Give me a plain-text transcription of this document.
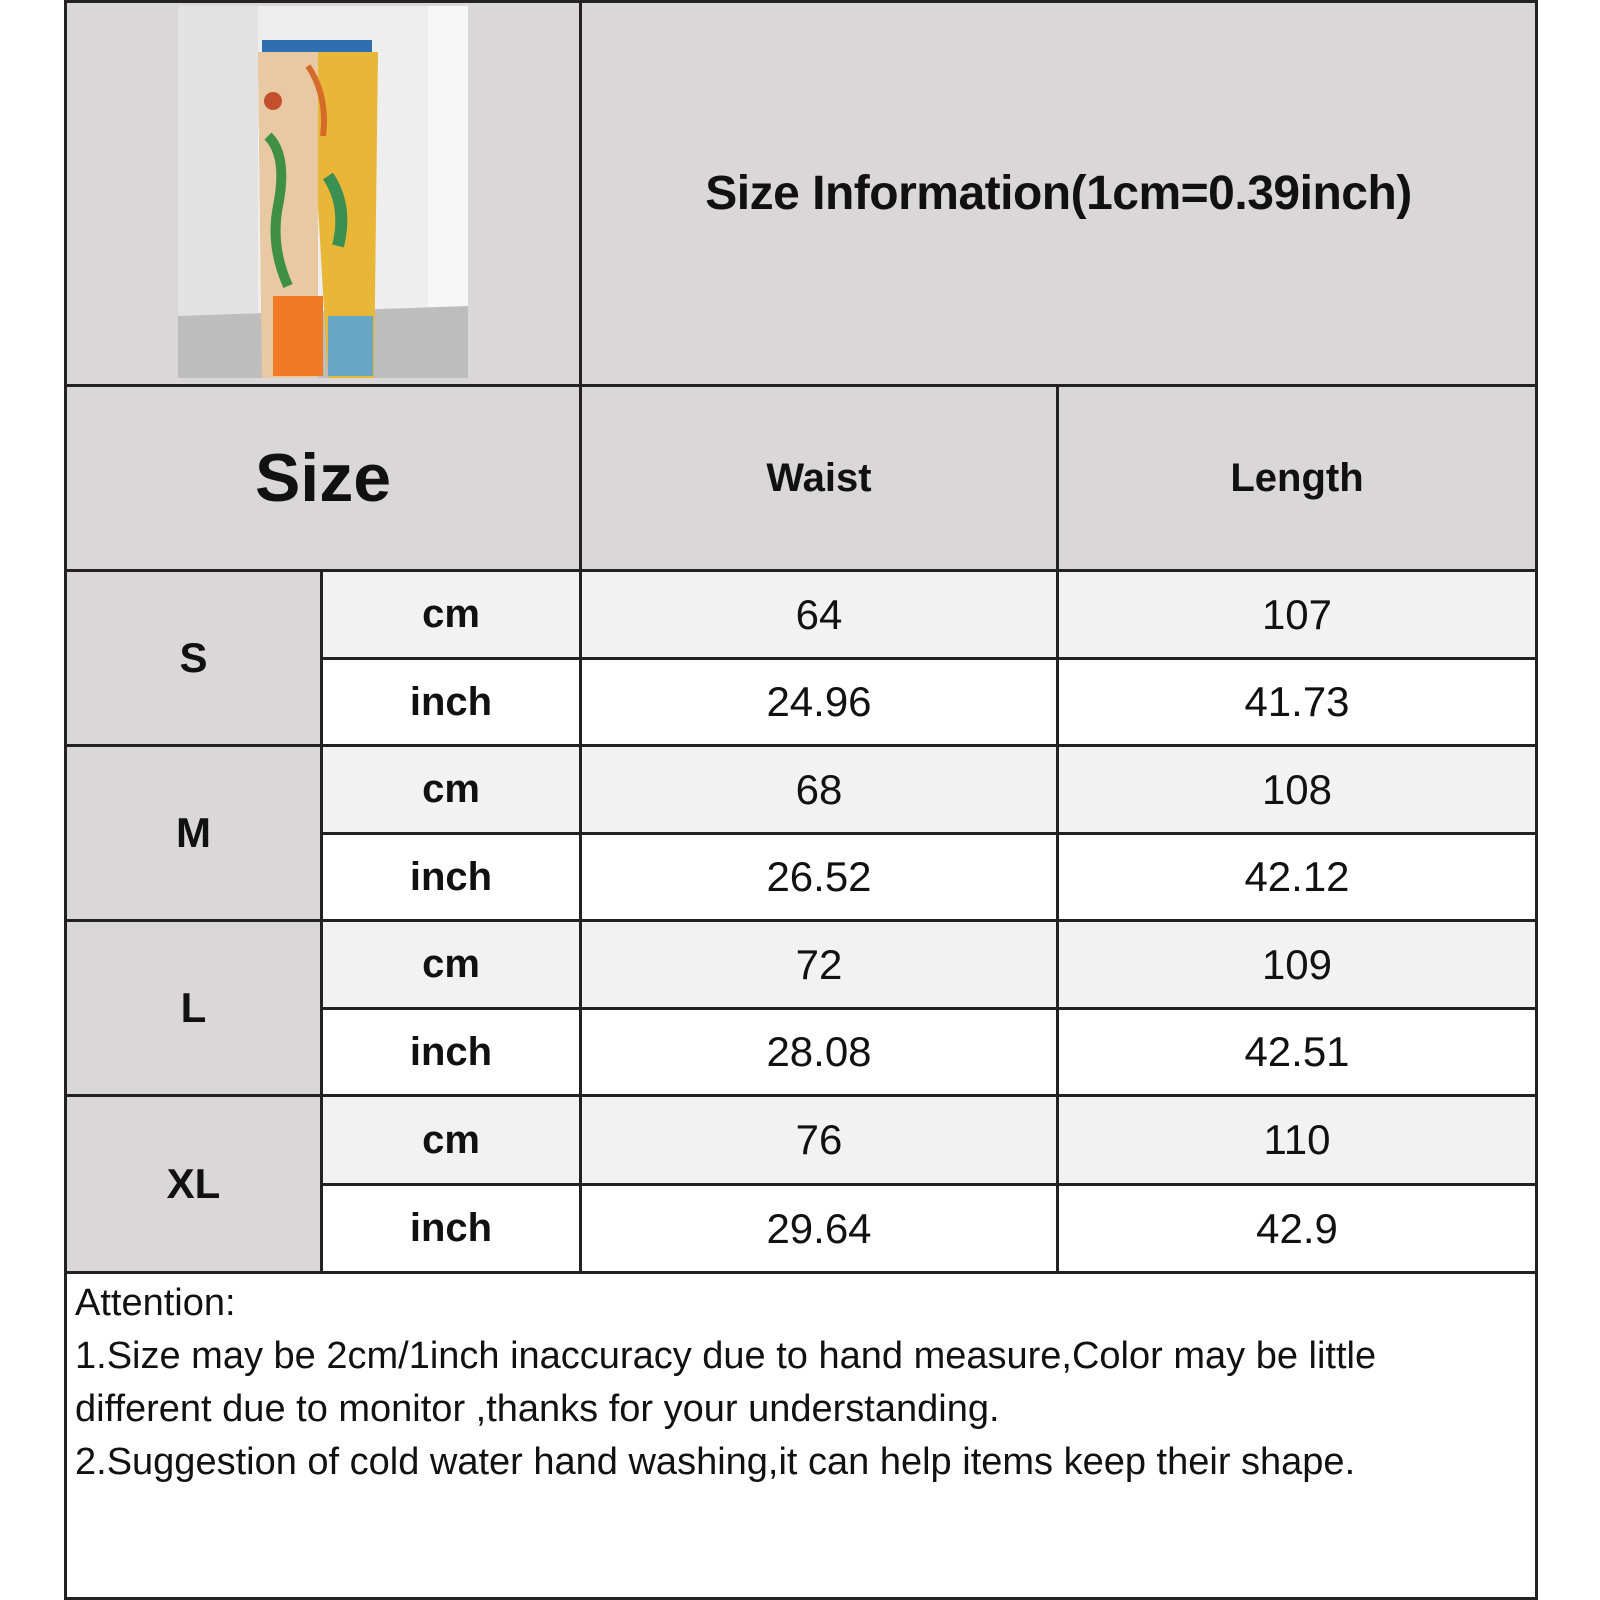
Size Information(1cm=0.39inch)
Size	Waist	Length
S
cm	64	107
inch	24.96	41.73
M
cm	68	108
inch	26.52	42.12
L
cm	72	109
inch	28.08	42.51
XL
cm	76	110
inch	29.64	42.9
Attention:
1.Size may be 2cm/1inch inaccuracy due to hand measure,Color may be little
different due to monitor ,thanks for your understanding.
2.Suggestion of cold water hand washing,it can help items keep their shape.
